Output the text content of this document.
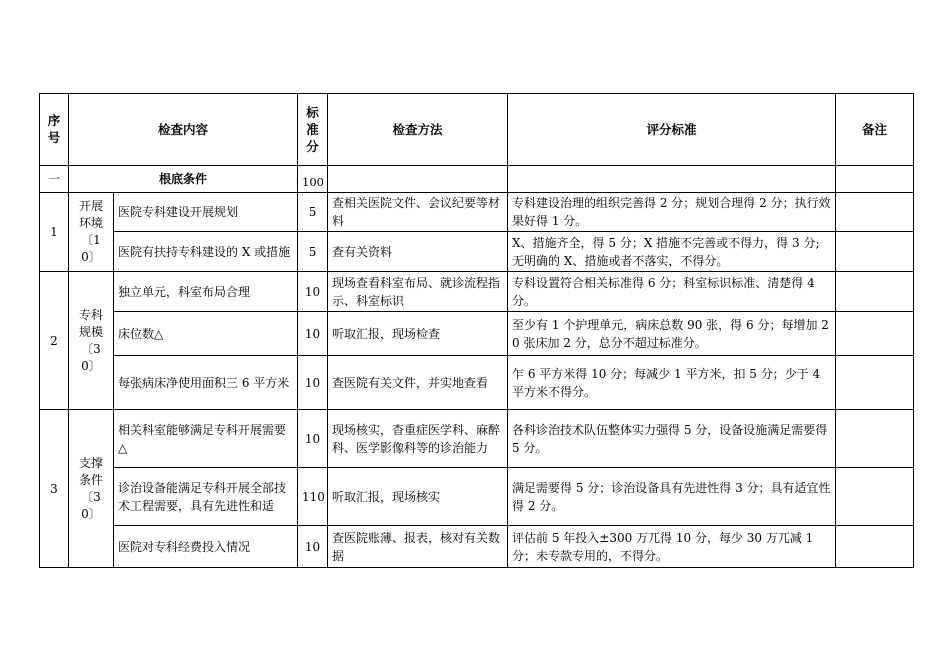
序号	检查内容		标准分	检查方法	评分标准	备注
一	根底条件		100			
1	开展环境〔10〕	医院专科建设开展规划	5	查相关医院文件、会议纪要等材料	专科建设治理的组织完善得 2 分；规划合理得 2 分；执行效果好得 1 分。	
		医院有扶持专科建设的 X 或措施	5	查有关资料	X、措施齐全，得 5 分；X 措施不完善或不得力，得 3 分;无明确的 X、措施或者不落实，不得分。	
2	专科规模〔30〕	独立单元，科室布局合理	10	现场查看科室布局、就诊流程指示、科室标识	专科设置符合相关标准得 6 分；科室标识标准、清楚得 4 分。	
		床位数△	10	听取汇报，现场检查	至少有 1 个护理单元，病床总数 90 张，得 6 分；每增加 20 张床加 2 分，总分不超过标准分。	
		每张病床净使用面积三 6 平方米	10	查医院有关文件，并实地查看	乍 6 平方米得 10 分；每减少 1 平方米，扣 5 分；少于 4 平方米不得分。	
3	支撑条件〔30〕	相关科室能够满足专科开展需要△	10	现场核实，杳重症医学科、麻醉科、医学影像科等的诊治能力	各科诊治技术队伍整体实力强得 5 分，设备设施满足需要得 5 分。	
		诊治设备能满足专科开展全部技术工程需要，具有先进性和适	110	听取汇报，现场核实	满足需要得 5 分；诊治设备具有先进性得 3 分；具有适宜性得 2 分。	
		医院对专科经费投入情况	10	查医院账薄、报表，核对有关数据	评估前 5 年投入±300 万兀得 10 分，每少 30 万兀减 1 分；未专款专用的，不得分。	
